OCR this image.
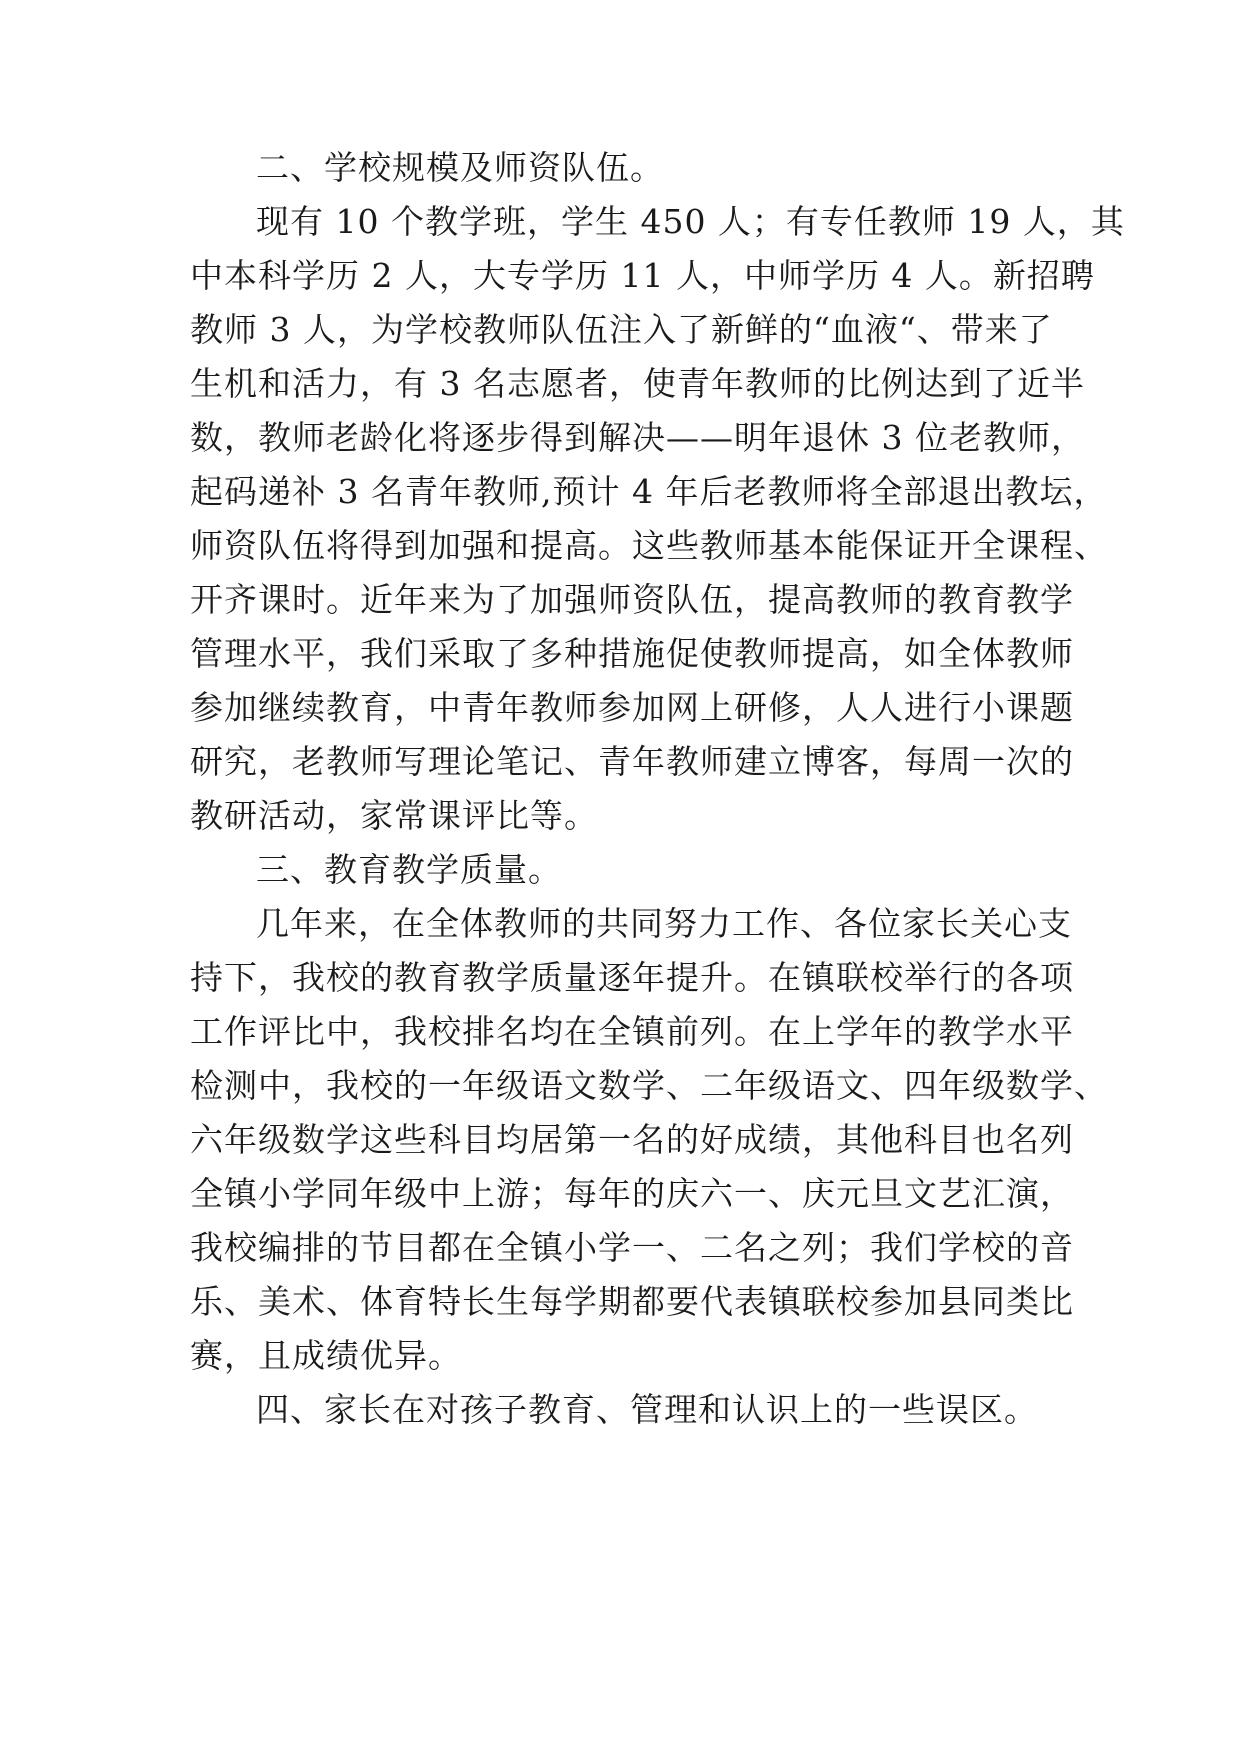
二、学校规模及师资队伍。
现有 10 个教学班，学生 450 人；有专任教师 19 人，其
中本科学历 2 人，大专学历 11 人，中师学历 4 人。新招聘
教师 3 人，为学校教师队伍注入了新鲜的“血液“、带来了
生机和活力，有 3 名志愿者，使青年教师的比例达到了近半
数，教师老龄化将逐步得到解决——明年退休 3 位老教师，
起码递补 3 名青年教师,预计 4 年后老教师将全部退出教坛，
师资队伍将得到加强和提高。这些教师基本能保证开全课程、
开齐课时。近年来为了加强师资队伍，提高教师的教育教学
管理水平，我们采取了多种措施促使教师提高，如全体教师
参加继续教育，中青年教师参加网上研修，人人进行小课题
研究，老教师写理论笔记、青年教师建立博客，每周一次的
教研活动，家常课评比等。
三、教育教学质量。
几年来，在全体教师的共同努力工作、各位家长关心支
持下，我校的教育教学质量逐年提升。在镇联校举行的各项
工作评比中，我校排名均在全镇前列。在上学年的教学水平
检测中，我校的一年级语文数学、二年级语文、四年级数学、
六年级数学这些科目均居第一名的好成绩，其他科目也名列
全镇小学同年级中上游；每年的庆六一、庆元旦文艺汇演，
我校编排的节目都在全镇小学一、二名之列；我们学校的音
乐、美术、体育特长生每学期都要代表镇联校参加县同类比
赛，且成绩优异。
四、家长在对孩子教育、管理和认识上的一些误区。
